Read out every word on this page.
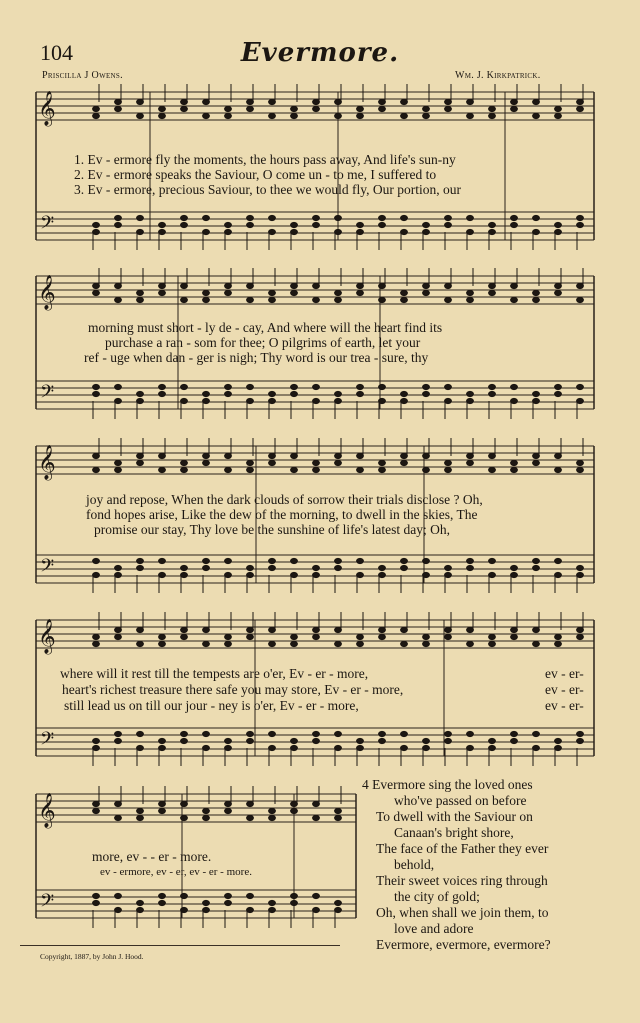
104	Evermore.
Priscilla J Owens.	Wm. J. Kirkpatrick.
𝄞
𝄢
𝄞
𝄢
𝄞
𝄢
𝄞
𝄢
𝄞
𝄢
1. Ev - ermore fly the moments, the hours pass away, And life's sun-ny
2. Ev - ermore speaks the Saviour, O come un - to me, I suffered to
3. Ev - ermore, precious Saviour, to thee we would fly, Our portion, our
morning must short - ly de - cay, And where will the heart find its
purchase a ran - som for thee; O pilgrims of earth, let your
ref - uge when dan - ger is nigh; Thy word is our trea - sure, thy
joy and repose, When the dark clouds of sorrow their trials disclose ? Oh,
fond hopes arise, Like the dew of the morning, to dwell in the skies, The
promise our stay, Thy love be the sunshine of life's latest day; Oh,
where will it rest till the tempests are o'er, Ev - er - more,
heart's richest treasure there safe you may store, Ev - er - more,
still lead us on till our jour - ney is o'er, Ev - er - more,
ev - er-
ev - er-
ev - er-
more, ev - - er - more.
ev - ermore, ev - er, ev - er - more.
4 Evermore sing the loved ones
who've passed on before
To dwell with the Saviour on
Canaan's bright shore,
The face of the Father they ever
behold,
Their sweet voices ring through
the city of gold;
Oh, when shall we join them, to
love and adore
Evermore, evermore, evermore?
Copyright, 1887, by John J. Hood.
